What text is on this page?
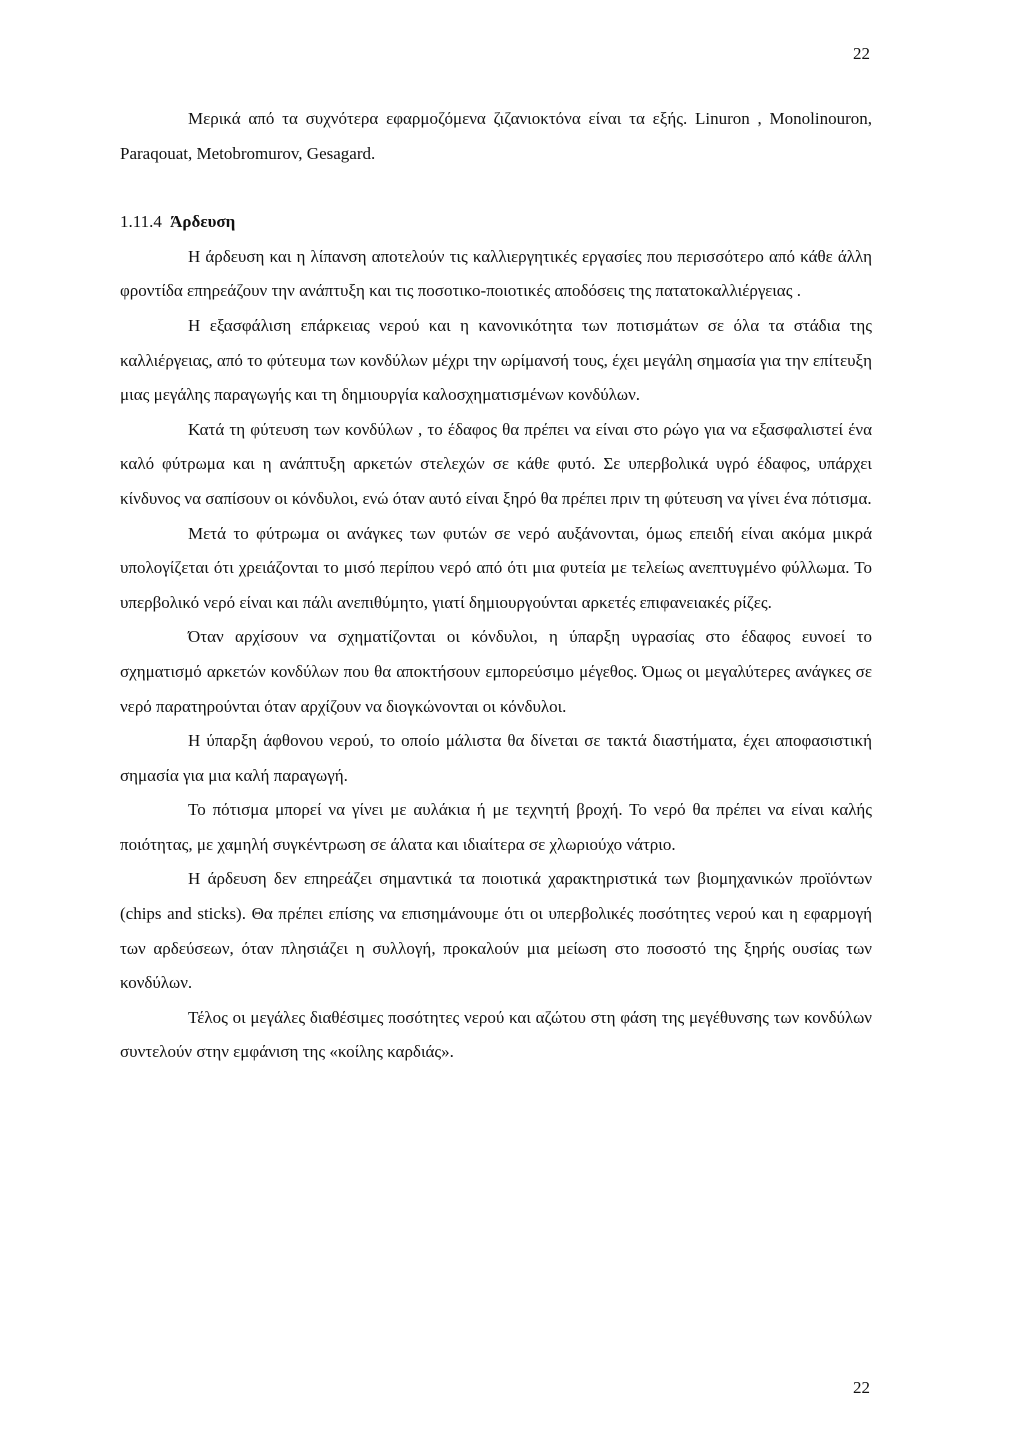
22

Μερικά από τα συχνότερα εφαρμοζόμενα ζιζανιοκτόνα είναι τα εξής. Linuron , Monolinouron, Paraqouat, Metobromurov, Gesagard.

1.11.4 Άρδευση

Η άρδευση και η λίπανση αποτελούν τις καλλιεργητικές εργασίες που περισσότερο από κάθε άλλη φροντίδα επηρεάζουν την ανάπτυξη και τις ποσοτικο-ποιοτικές αποδόσεις της πατατοκαλλιέργειας .

Η εξασφάλιση επάρκειας νερού και η κανονικότητα των ποτισμάτων σε όλα τα στάδια της καλλιέργειας, από το φύτευμα των κονδύλων μέχρι την ωρίμανσή τους, έχει μεγάλη σημασία για την επίτευξη μιας μεγάλης παραγωγής και τη δημιουργία καλοσχηματισμένων κονδύλων.

Κατά τη φύτευση των κονδύλων , το έδαφος θα πρέπει να είναι στο ρώγο για να εξασφαλιστεί ένα καλό φύτρωμα και η ανάπτυξη αρκετών στελεχών σε κάθε φυτό. Σε υπερβολικά υγρό έδαφος, υπάρχει κίνδυνος να σαπίσουν οι κόνδυλοι, ενώ όταν αυτό είναι ξηρό θα πρέπει πριν τη φύτευση να γίνει ένα πότισμα.

Μετά το φύτρωμα οι ανάγκες των φυτών σε νερό αυξάνονται, όμως επειδή είναι ακόμα μικρά υπολογίζεται ότι χρειάζονται το μισό περίπου νερό από ότι μια φυτεία με τελείως ανεπτυγμένο φύλλωμα. Το υπερβολικό νερό είναι και πάλι ανεπιθύμητο, γιατί δημιουργούνται αρκετές επιφανειακές ρίζες.

Όταν αρχίσουν να σχηματίζονται οι κόνδυλοι, η ύπαρξη υγρασίας στο έδαφος ευνοεί το σχηματισμό αρκετών κονδύλων που θα αποκτήσουν εμπορεύσιμο μέγεθος. Όμως οι μεγαλύτερες ανάγκες σε νερό παρατηρούνται όταν αρχίζουν να διογκώνονται οι κόνδυλοι.

Η ύπαρξη άφθονου νερού, το οποίο μάλιστα θα δίνεται σε τακτά διαστήματα, έχει αποφασιστική σημασία για μια καλή παραγωγή.

Το πότισμα μπορεί να γίνει με αυλάκια ή με τεχνητή βροχή. Το νερό θα πρέπει να είναι καλής ποιότητας, με χαμηλή συγκέντρωση σε άλατα και ιδιαίτερα σε χλωριούχο νάτριο.

Η άρδευση δεν επηρεάζει σημαντικά τα ποιοτικά χαρακτηριστικά των βιομηχανικών προϊόντων (chips and sticks). Θα πρέπει επίσης να επισημάνουμε ότι οι υπερβολικές ποσότητες νερού και η εφαρμογή των αρδεύσεων, όταν πλησιάζει η συλλογή, προκαλούν μια μείωση στο ποσοστό της ξηρής ουσίας των κονδύλων.

Τέλος οι μεγάλες διαθέσιμες ποσότητες νερού και αζώτου στη φάση της μεγέθυνσης των κονδύλων συντελούν στην εμφάνιση της «κοίλης καρδιάς».

22
